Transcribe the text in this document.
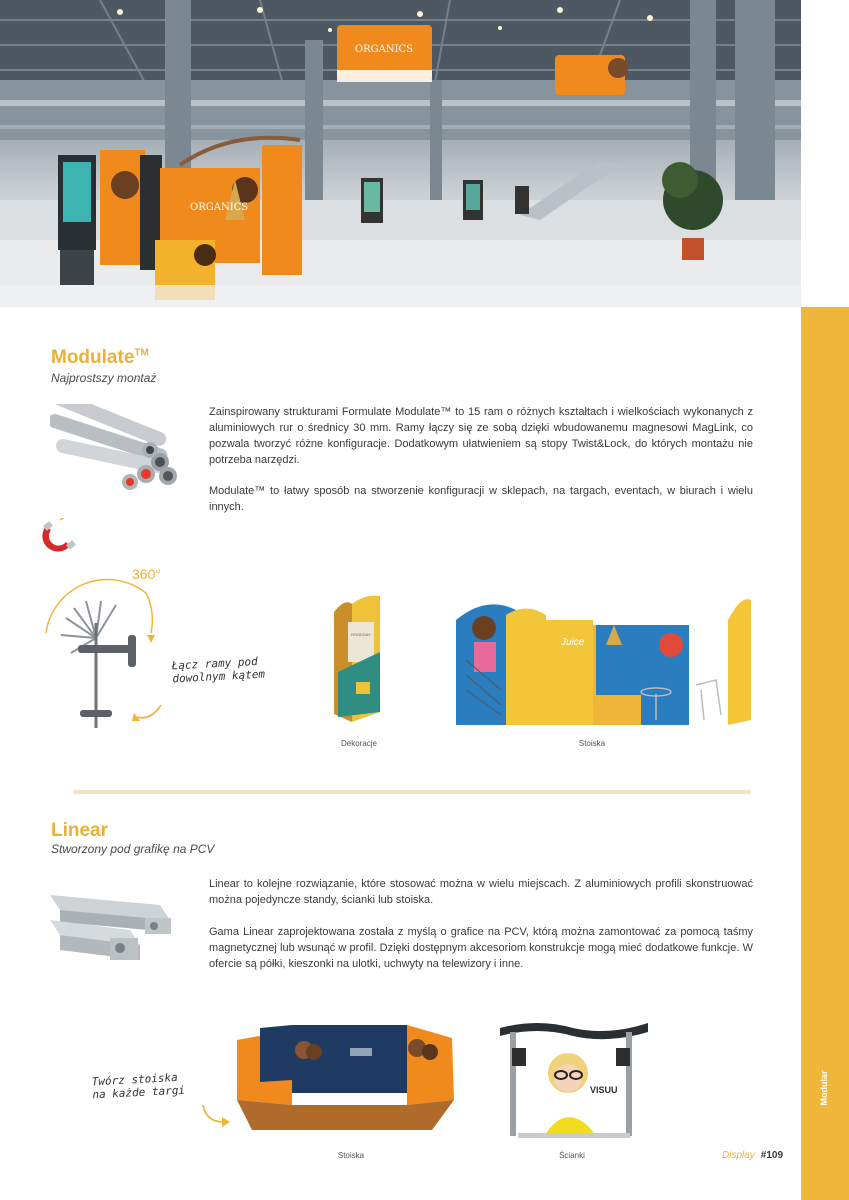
ORGANICS
ORGANICS
Modular
Modulate™
Najprostszy montaż
Zainspirowany strukturami Formulate Modulate™ to 15 ram o różnych kształtach i wielkościach wykonanych z aluminiowych rur o średnicy 30 mm. Ramy łączy się ze sobą dzięki wbudowanemu magnesowi MagLink, co pozwala tworzyć różne konfiguracje. Dodatkowym ułatwieniem są stopy Twist&Lock, do których montażu nie potrzeba narzędzi.
Modulate™ to łatwy sposób na stworzenie konfiguracji w sklepach, na targach, eventach, w biurach i wielu innych.
360°
Łącz ramy pod
dowolnym kątem
ROGEDAY
Dekoracje
Juice
Stoiska
Linear
Stworzony pod grafikę na PCV
Linear to kolejne rozwiązanie, które stosować można w wielu miejscach. Z aluminiowych profili skonstruować można pojedyncze standy, ścianki lub stoiska.
Gama Linear zaprojektowana została z myślą o grafice na PCV, którą można zamontować za pomocą taśmy magnetycznej lub wsunąć w profil. Dzięki dostępnym akcesoriom konstrukcje mogą mieć dodatkowe funkcje. W ofercie są półki, kieszonki na ulotki, uchwyty na telewizory i inne.
Twórz stoiska
na każde targi
Stoiska
VISUU
Ścianki	Display #109
